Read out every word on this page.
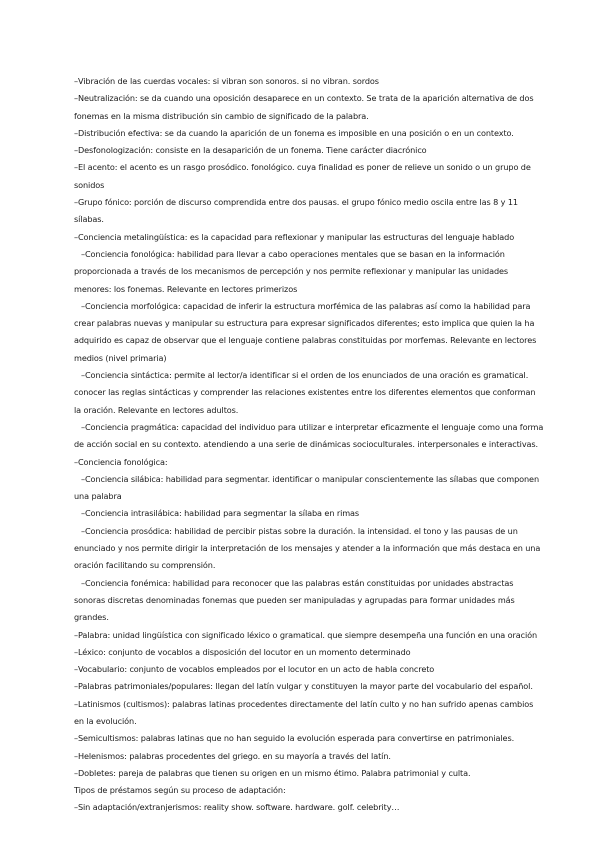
–Vibración de las cuerdas vocales: si vibran son sonoros. si no vibran. sordos

–Neutralización: se da cuando una oposición desaparece en un contexto. Se trata de la aparición alternativa de dos fonemas en la misma distribución sin cambio de significado de la palabra.

–Distribución efectiva: se da cuando la aparición de un fonema es imposible en una posición o en un contexto.

–Desfonologización: consiste en la desaparición de un fonema. Tiene carácter diacrónico

–El acento: el acento es un rasgo prosódico. fonológico. cuya finalidad es poner de relieve un sonido o un grupo de sonidos

–Grupo fónico: porción de discurso comprendida entre dos pausas. el grupo fónico medio oscila entre las 8 y 11 sílabas.

–Conciencia metalingüística: es la capacidad para reflexionar y manipular las estructuras del lenguaje hablado

–Conciencia fonológica: habilidad para llevar a cabo operaciones mentales que se basan en la información proporcionada a través de los mecanismos de percepción y nos permite reflexionar y manipular las unidades menores: los fonemas. Relevante en lectores primerizos

–Conciencia morfológica: capacidad de inferir la estructura morfémica de las palabras así como la habilidad para crear palabras nuevas y manipular su estructura para expresar significados diferentes; esto implica que quien la ha adquirido es capaz de observar que el lenguaje contiene palabras constituidas por morfemas. Relevante en lectores medios (nivel primaria)

–Conciencia sintáctica: permite al lector/a identificar si el orden de los enunciados de una oración es gramatical. conocer las reglas sintácticas y comprender las relaciones existentes entre los diferentes elementos que conforman la oración. Relevante en lectores adultos.

–Conciencia pragmática: capacidad del individuo para utilizar e interpretar eficazmente el lenguaje como una forma de acción social en su contexto. atendiendo a una serie de dinámicas socioculturales. interpersonales e interactivas.

–Conciencia fonológica:

–Conciencia silábica: habilidad para segmentar. identificar o manipular conscientemente las sílabas que componen una palabra

–Conciencia intrasilábica: habilidad para segmentar la sílaba en rimas

–Conciencia prosódica: habilidad de percibir pistas sobre la duración. la intensidad. el tono y las pausas de un enunciado y nos permite dirigir la interpretación de los mensajes y atender a la información que más destaca en una oración facilitando su comprensión.

–Conciencia fonémica: habilidad para reconocer que las palabras están constituidas por unidades abstractas sonoras discretas denominadas fonemas que pueden ser manipuladas y agrupadas para formar unidades más grandes.

–Palabra: unidad lingüística con significado léxico o gramatical. que siempre desempeña una función en una oración

–Léxico: conjunto de vocablos a disposición del locutor en un momento determinado

–Vocabulario: conjunto de vocablos empleados por el locutor en un acto de habla concreto

–Palabras patrimoniales/populares: llegan del latín vulgar y constituyen la mayor parte del vocabulario del español.

–Latinismos (cultismos): palabras latinas procedentes directamente del latín culto y no han sufrido apenas cambios en la evolución.

–Semicultismos: palabras latinas que no han seguido la evolución esperada para convertirse en patrimoniales.

–Helenismos: palabras procedentes del griego. en su mayoría a través del latín.

–Dobletes: pareja de palabras que tienen su origen en un mismo étimo. Palabra patrimonial y culta.

Tipos de préstamos según su proceso de adaptación:

–Sin adaptación/extranjerismos: reality show. software. hardware. golf. celebrity…
